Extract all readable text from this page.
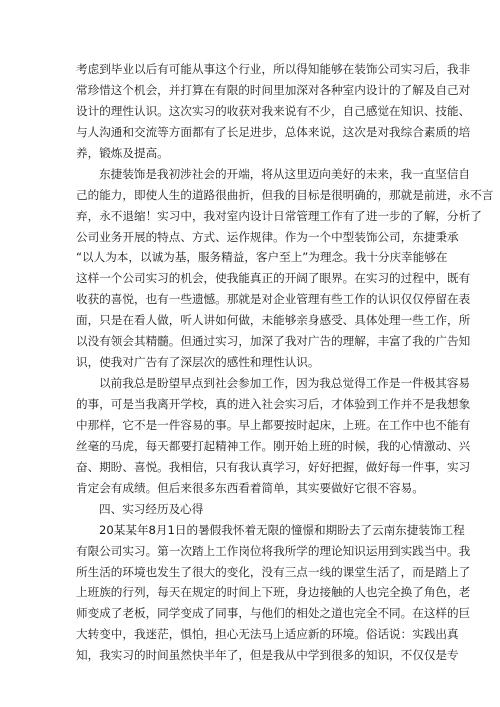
考虑到毕业以后有可能从事这个行业，所以得知能够在装饰公司实习后，我非
常珍惜这个机会，并打算在有限的时间里加深对各种室内设计的了解及自己对
设计的理性认识。这次实习的收获对我来说有不少，自己感觉在知识、技能、
与人沟通和交流等方面都有了长足进步，总体来说，这次是对我综合素质的培
养，锻炼及提高。
东捷装饰是我初涉社会的开端，将从这里迈向美好的未来，我一直坚信自
己的能力，即使人生的道路很曲折，但我的目标是很明确的，那就是前进，永不言
弃，永不退缩！实习中，我对室内设计日常管理工作有了进一步的了解，分析了
公司业务开展的特点、方式、运作规律。作为一个中型装饰公司，东捷秉承
“以人为本，以诚为基，服务精益，客户至上”为理念。我十分庆幸能够在
这样一个公司实习的机会，使我能真正的开阔了眼界。在实习的过程中，既有
收获的喜悦，也有一些遗憾。那就是对企业管理有些工作的认识仅仅停留在表
面，只是在看人做，听人讲如何做，未能够亲身感受、具体处理一些工作，所
以没有领会其精髓。但通过实习，加深了我对广告的理解，丰富了我的广告知
识，使我对广告有了深层次的感性和理性认识。
以前我总是盼望早点到社会参加工作，因为我总觉得工作是一件极其容易
的事，可是当我离开学校，真的进入社会实习后，才体验到工作并不是我想象
中那样，它不是一件容易的事。早上都要按时起床，上班。在工作中也不能有
丝毫的马虎，每天都要打起精神工作。刚开始上班的时候，我的心情激动、兴
奋、期盼、喜悦。我相信，只有我认真学习，好好把握，做好每一件事，实习
肯定会有成绩。但后来很多东西看着简单，其实要做好它很不容易。
四、实习经历及心得
20某某年8月1日的暑假我怀着无限的憧憬和期盼去了云南东捷装饰工程
有限公司实习。第一次踏上工作岗位将我所学的理论知识运用到实践当中。我
所生活的环境也发生了很大的变化，没有三点一线的课堂生活了，而是踏上了
上班族的行列，每天在规定的时间上下班，身边接触的人也完全换了角色，老
师变成了老板，同学变成了同事，与他们的相处之道也完全不同。在这样的巨
大转变中，我迷茫，惧怕，担心无法马上适应新的环境。俗话说：实践出真
知，我实习的时间虽然快半年了，但是我从中学到很多的知识，不仅仅是专
